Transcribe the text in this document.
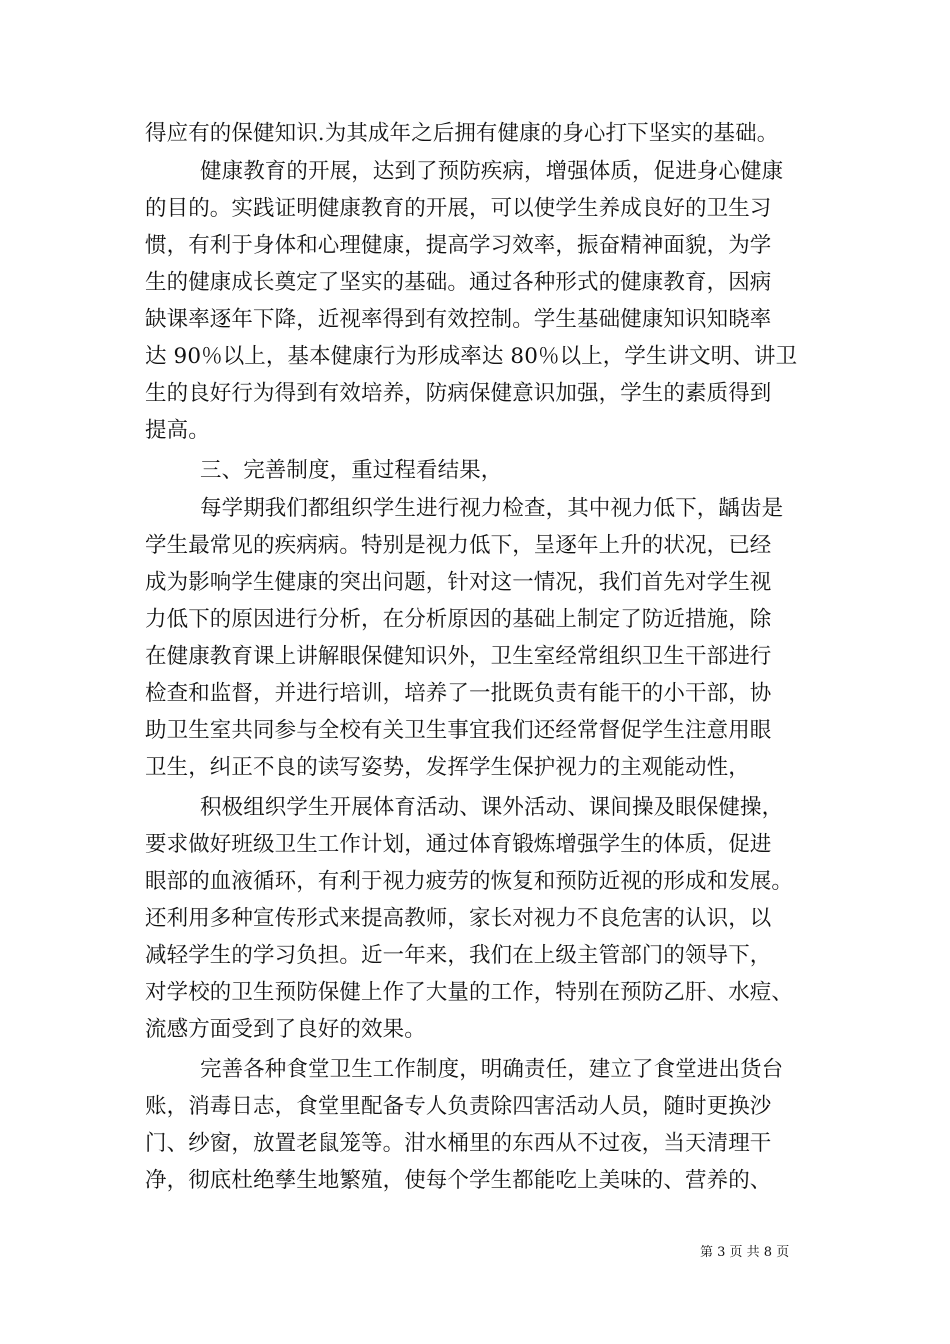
得应有的保健知识.为其成年之后拥有健康的身心打下坚实的基础。
健康教育的开展，达到了预防疾病，增强体质，促进身心健康
的目的。实践证明健康教育的开展，可以使学生养成良好的卫生习
惯，有利于身体和心理健康，提高学习效率，振奋精神面貌，为学
生的健康成长奠定了坚实的基础。通过各种形式的健康教育，因病
缺课率逐年下降，近视率得到有效控制。学生基础健康知识知晓率
达 90％以上，基本健康行为形成率达 80％以上，学生讲文明、讲卫
生的良好行为得到有效培养，防病保健意识加强，学生的素质得到
提高。
三、完善制度，重过程看结果，
每学期我们都组织学生进行视力检查，其中视力低下，龋齿是
学生最常见的疾病病。特别是视力低下，呈逐年上升的状况，已经
成为影响学生健康的突出问题，针对这一情况，我们首先对学生视
力低下的原因进行分析，在分析原因的基础上制定了防近措施，除
在健康教育课上讲解眼保健知识外，卫生室经常组织卫生干部进行
检查和监督，并进行培训，培养了一批既负责有能干的小干部，协
助卫生室共同参与全校有关卫生事宜我们还经常督促学生注意用眼
卫生，纠正不良的读写姿势，发挥学生保护视力的主观能动性，
积极组织学生开展体育活动、课外活动、课间操及眼保健操，
要求做好班级卫生工作计划，通过体育锻炼增强学生的体质，促进
眼部的血液循环，有利于视力疲劳的恢复和预防近视的形成和发展。
还利用多种宣传形式来提高教师，家长对视力不良危害的认识，以
减轻学生的学习负担。近一年来，我们在上级主管部门的领导下，
对学校的卫生预防保健上作了大量的工作，特别在预防乙肝、水痘、
流感方面受到了良好的效果。
完善各种食堂卫生工作制度，明确责任，建立了食堂进出货台
账，消毒日志，食堂里配备专人负责除四害活动人员，随时更换沙
门、纱窗，放置老鼠笼等。泔水桶里的东西从不过夜，当天清理干
净，彻底杜绝孳生地繁殖，使每个学生都能吃上美味的、营养的、
第 3 页 共 8 页
